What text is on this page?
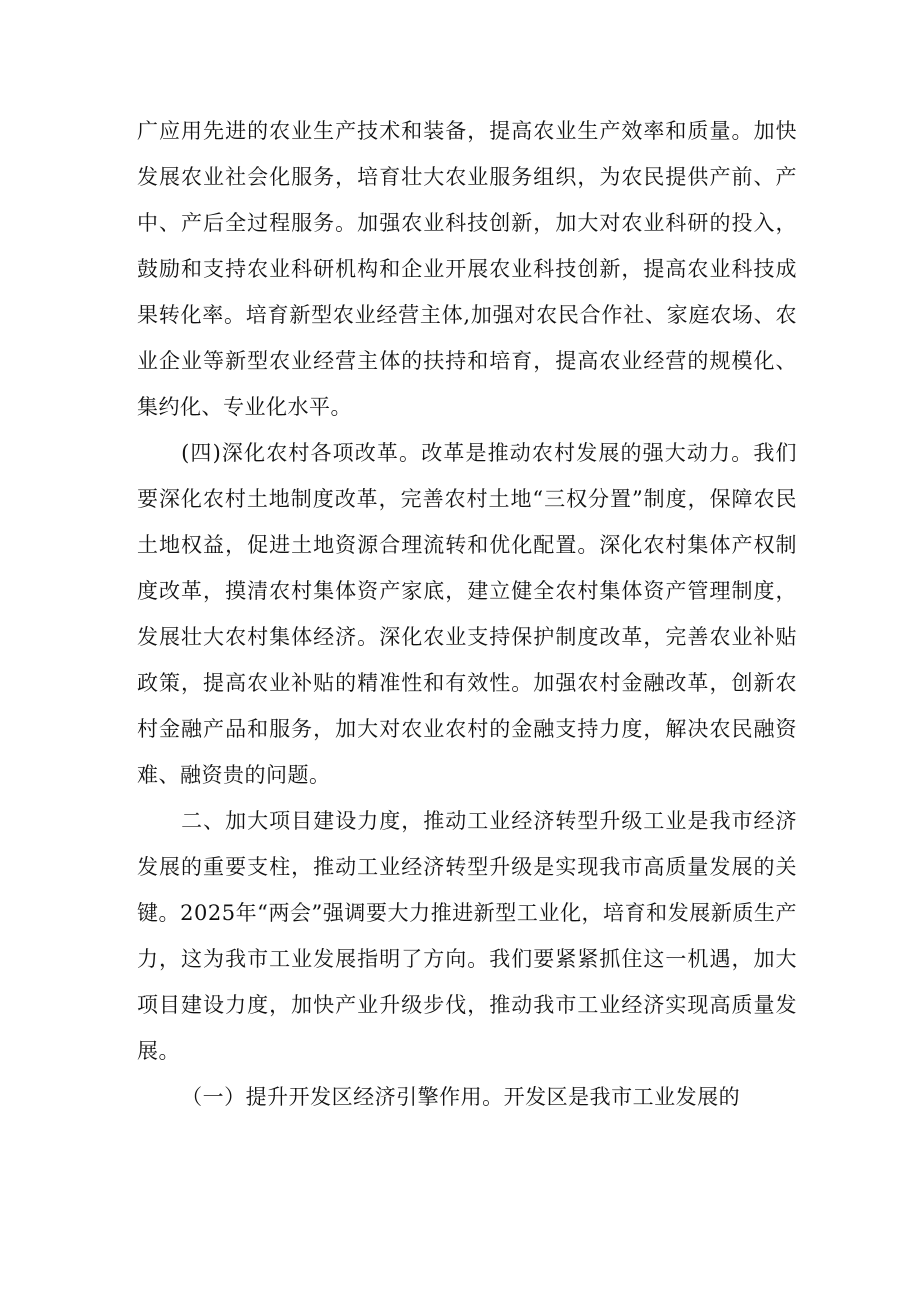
广应用先进的农业生产技术和装备，提高农业生产效率和质量。加快发展农业社会化服务，培育壮大农业服务组织，为农民提供产前、产中、产后全过程服务。加强农业科技创新，加大对农业科研的投入，鼓励和支持农业科研机构和企业开展农业科技创新，提高农业科技成果转化率。培育新型农业经营主体,加强对农民合作社、家庭农场、农业企业等新型农业经营主体的扶持和培育，提高农业经营的规模化、集约化、专业化水平。

(四)深化农村各项改革。改革是推动农村发展的强大动力。我们要深化农村土地制度改革，完善农村土地“三权分置”制度，保障农民土地权益，促进土地资源合理流转和优化配置。深化农村集体产权制度改革，摸清农村集体资产家底，建立健全农村集体资产管理制度，发展壮大农村集体经济。深化农业支持保护制度改革，完善农业补贴政策，提高农业补贴的精准性和有效性。加强农村金融改革，创新农村金融产品和服务，加大对农业农村的金融支持力度，解决农民融资难、融资贵的问题。

二、加大项目建设力度，推动工业经济转型升级工业是我市经济发展的重要支柱，推动工业经济转型升级是实现我市高质量发展的关键。2025年“两会”强调要大力推进新型工业化，培育和发展新质生产力，这为我市工业发展指明了方向。我们要紧紧抓住这一机遇，加大项目建设力度，加快产业升级步伐，推动我市工业经济实现高质量发展。

（一）提升开发区经济引擎作用。开发区是我市工业发展的
